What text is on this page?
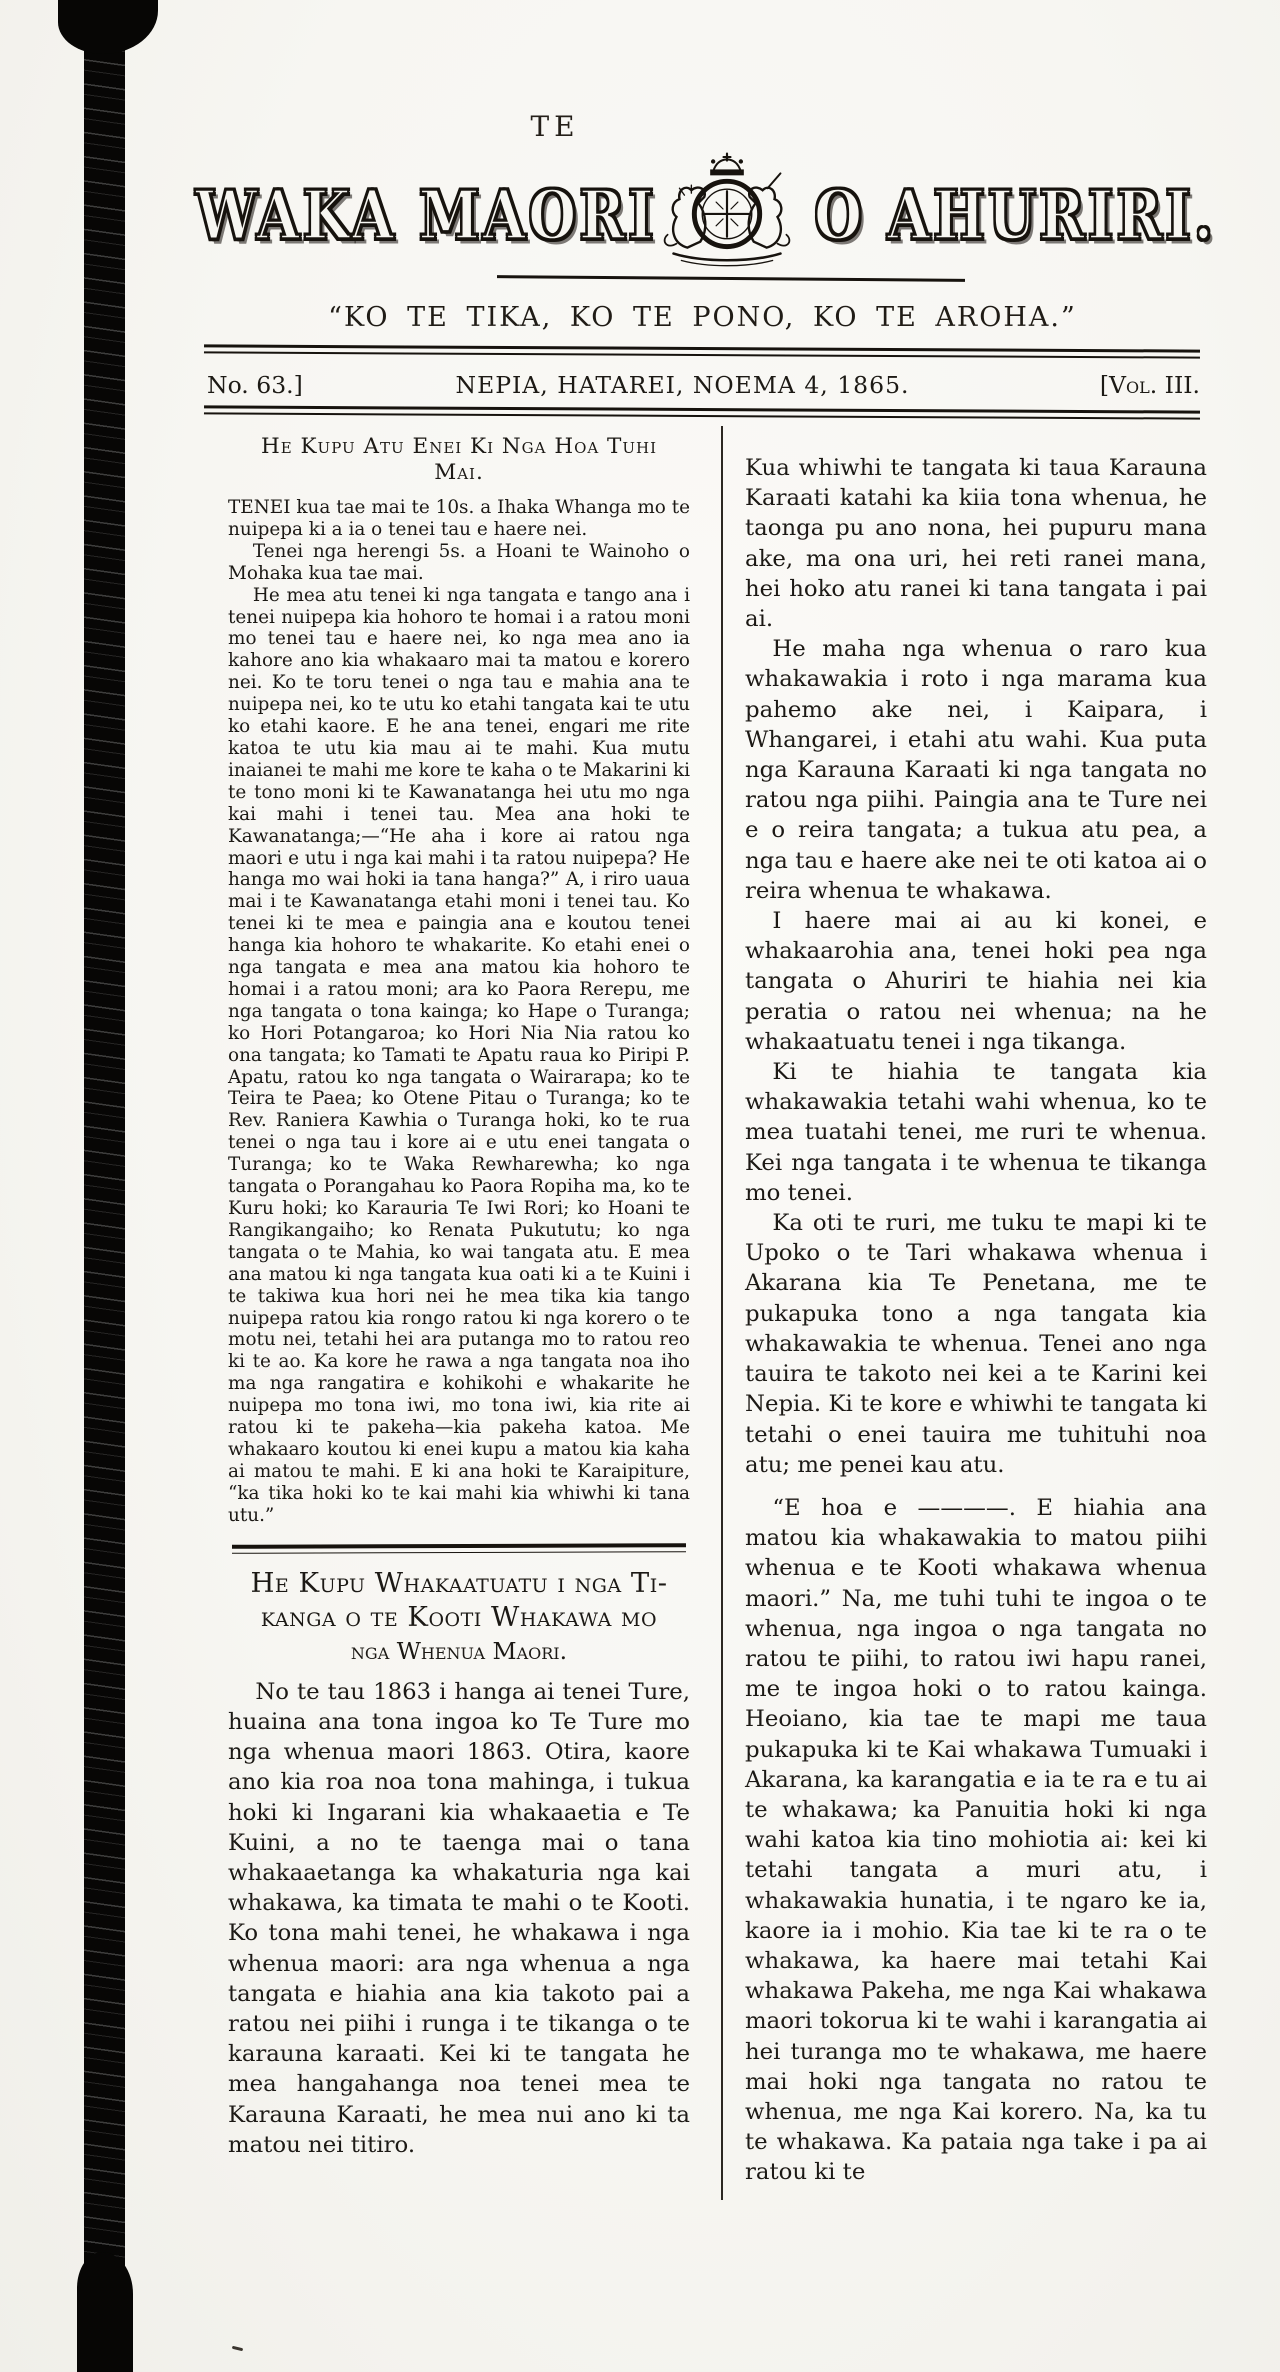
TE
WAKA MAORI	O AHURIRI.
“KO TE TIKA, KO TE PONO, KO TE AROHA.”
No. 63.]	NEPIA, HATAREI, NOEMA 4, 1865.	[Vol. III.
He Kupu Atu Enei Ki Nga Hoa Tuhi
Mai.

TENEI kua tae mai te 10s. a Ihaka Whanga mo te nuipepa ki a ia o tenei tau e haere nei.

Tenei nga herengi 5s. a Hoani te Wainoho o Mohaka kua tae mai.

He mea atu tenei ki nga tangata e tango ana i tenei nuipepa kia hohoro te homai i a ratou moni mo tenei tau e haere nei, ko nga mea ano ia kahore ano kia whakaaro mai ta matou e korero nei. Ko te toru tenei o nga tau e mahia ana te nuipepa nei, ko te utu ko etahi tangata kai te utu ko etahi kaore. E he ana tenei, engari me rite katoa te utu kia mau ai te mahi. Kua mutu inaianei te mahi me kore te kaha o te Makarini ki te tono moni ki te Kawanatanga hei utu mo nga kai mahi i tenei tau. Mea ana hoki te Kawanatanga;—“He aha i kore ai ratou nga maori e utu i nga kai mahi i ta ratou nuipepa? He hanga mo wai hoki ia tana hanga?” A, i riro uaua mai i te Kawanatanga etahi moni i tenei tau. Ko tenei ki te mea e paingia ana e koutou tenei hanga kia hohoro te whakarite. Ko etahi enei o nga tangata e mea ana matou kia hohoro te homai i a ratou moni; ara ko Paora Rerepu, me nga tangata o tona kainga; ko Hape o Turanga; ko Hori Potangaroa; ko Hori Nia Nia ratou ko ona tangata; ko Tamati te Apatu raua ko Piripi P. Apatu, ratou ko nga tangata o Wairarapa; ko te Teira te Paea; ko Otene Pitau o Turanga; ko te Rev. Raniera Kawhia o Turanga hoki, ko te rua tenei o nga tau i kore ai e utu enei tangata o Turanga; ko te Waka Rewharewha; ko nga tangata o Porangahau ko Paora Ropiha ma, ko te Kuru hoki; ko Karauria Te Iwi Rori; ko Hoani te Rangikangaiho; ko Renata Pukututu; ko nga tangata o te Mahia, ko wai tangata atu. E mea ana matou ki nga tangata kua oati ki a te Kuini i te takiwa kua hori nei he mea tika kia tango nuipepa ratou kia rongo ratou ki nga korero o te motu nei, tetahi hei ara putanga mo to ratou reo ki te ao. Ka kore he rawa a nga tangata noa iho ma nga rangatira e kohikohi e whakarite he nuipepa mo tona iwi, mo tona iwi, kia rite ai ratou ki te pakeha—kia pakeha katoa. Me whakaaro koutou ki enei kupu a matou kia kaha ai matou te mahi. E ki ana hoki te Karaipiture, “ka tika hoki ko te kai mahi kia whiwhi ki tana utu.”

He Kupu Whakaatuatu i nga Ti-
kanga o te Kooti Whakawa mo
nga Whenua Maori.

No te tau 1863 i hanga ai tenei Ture, huaina ana tona ingoa ko Te Ture mo nga whenua maori 1863. Otira, kaore ano kia roa noa tona mahinga, i tukua hoki ki Ingarani kia whakaaetia e Te Kuini, a no te taenga mai o tana whakaaetanga ka whakaturia nga kai whakawa, ka timata te mahi o te Kooti. Ko tona mahi tenei, he whakawa i nga whenua maori: ara nga whenua a nga tangata e hiahia ana kia takoto pai a ratou nei piihi i runga i te tikanga o te karauna karaati. Kei ki te tangata he mea hangahanga noa tenei mea te Karauna Karaati, he mea nui ano ki ta matou nei titiro.

Kua whiwhi te tangata ki taua Karauna Karaati katahi ka kiia tona whenua, he taonga pu ano nona, hei pupuru mana ake, ma ona uri, hei reti ranei mana, hei hoko atu ranei ki tana tangata i pai ai.

He maha nga whenua o raro kua whakawakia i roto i nga marama kua pahemo ake nei, i Kaipara, i Whangarei, i etahi atu wahi. Kua puta nga Karauna Karaati ki nga tangata no ratou nga piihi. Paingia ana te Ture nei e o reira tangata; a tukua atu pea, a nga tau e haere ake nei te oti katoa ai o reira whenua te whakawa.

I haere mai ai au ki konei, e whakaarohia ana, tenei hoki pea nga tangata o Ahuriri te hiahia nei kia peratia o ratou nei whenua; na he whakaatuatu tenei i nga tikanga.

Ki te hiahia te tangata kia whakawakia tetahi wahi whenua, ko te mea tuatahi tenei, me ruri te whenua. Kei nga tangata i te whenua te tikanga mo tenei.

Ka oti te ruri, me tuku te mapi ki te Upoko o te Tari whakawa whenua i Akarana kia Te Penetana, me te pukapuka tono a nga tangata kia whakawakia te whenua. Tenei ano nga tauira te takoto nei kei a te Karini kei Nepia. Ki te kore e whiwhi te tangata ki tetahi o enei tauira me tuhituhi noa atu; me penei kau atu.

“E hoa e ————. E hiahia ana matou kia whakawakia to matou piihi whenua e te Kooti whakawa whenua maori.” Na, me tuhi tuhi te ingoa o te whenua, nga ingoa o nga tangata no ratou te piihi, to ratou iwi hapu ranei, me te ingoa hoki o to ratou kainga. Heoiano, kia tae te mapi me taua pukapuka ki te Kai whakawa Tumuaki i Akarana, ka karangatia e ia te ra e tu ai te whakawa; ka Panuitia hoki ki nga wahi katoa kia tino mohiotia ai: kei ki tetahi tangata a muri atu, i whakawakia hunatia, i te ngaro ke ia, kaore ia i mohio. Kia tae ki te ra o te whakawa, ka haere mai tetahi Kai whakawa Pakeha, me nga Kai whakawa maori tokorua ki te wahi i karangatia ai hei turanga mo te whakawa, me haere mai hoki nga tangata no ratou te whenua, me nga Kai korero. Na, ka tu te whakawa. Ka pataia nga take i pa ai ratou ki te
